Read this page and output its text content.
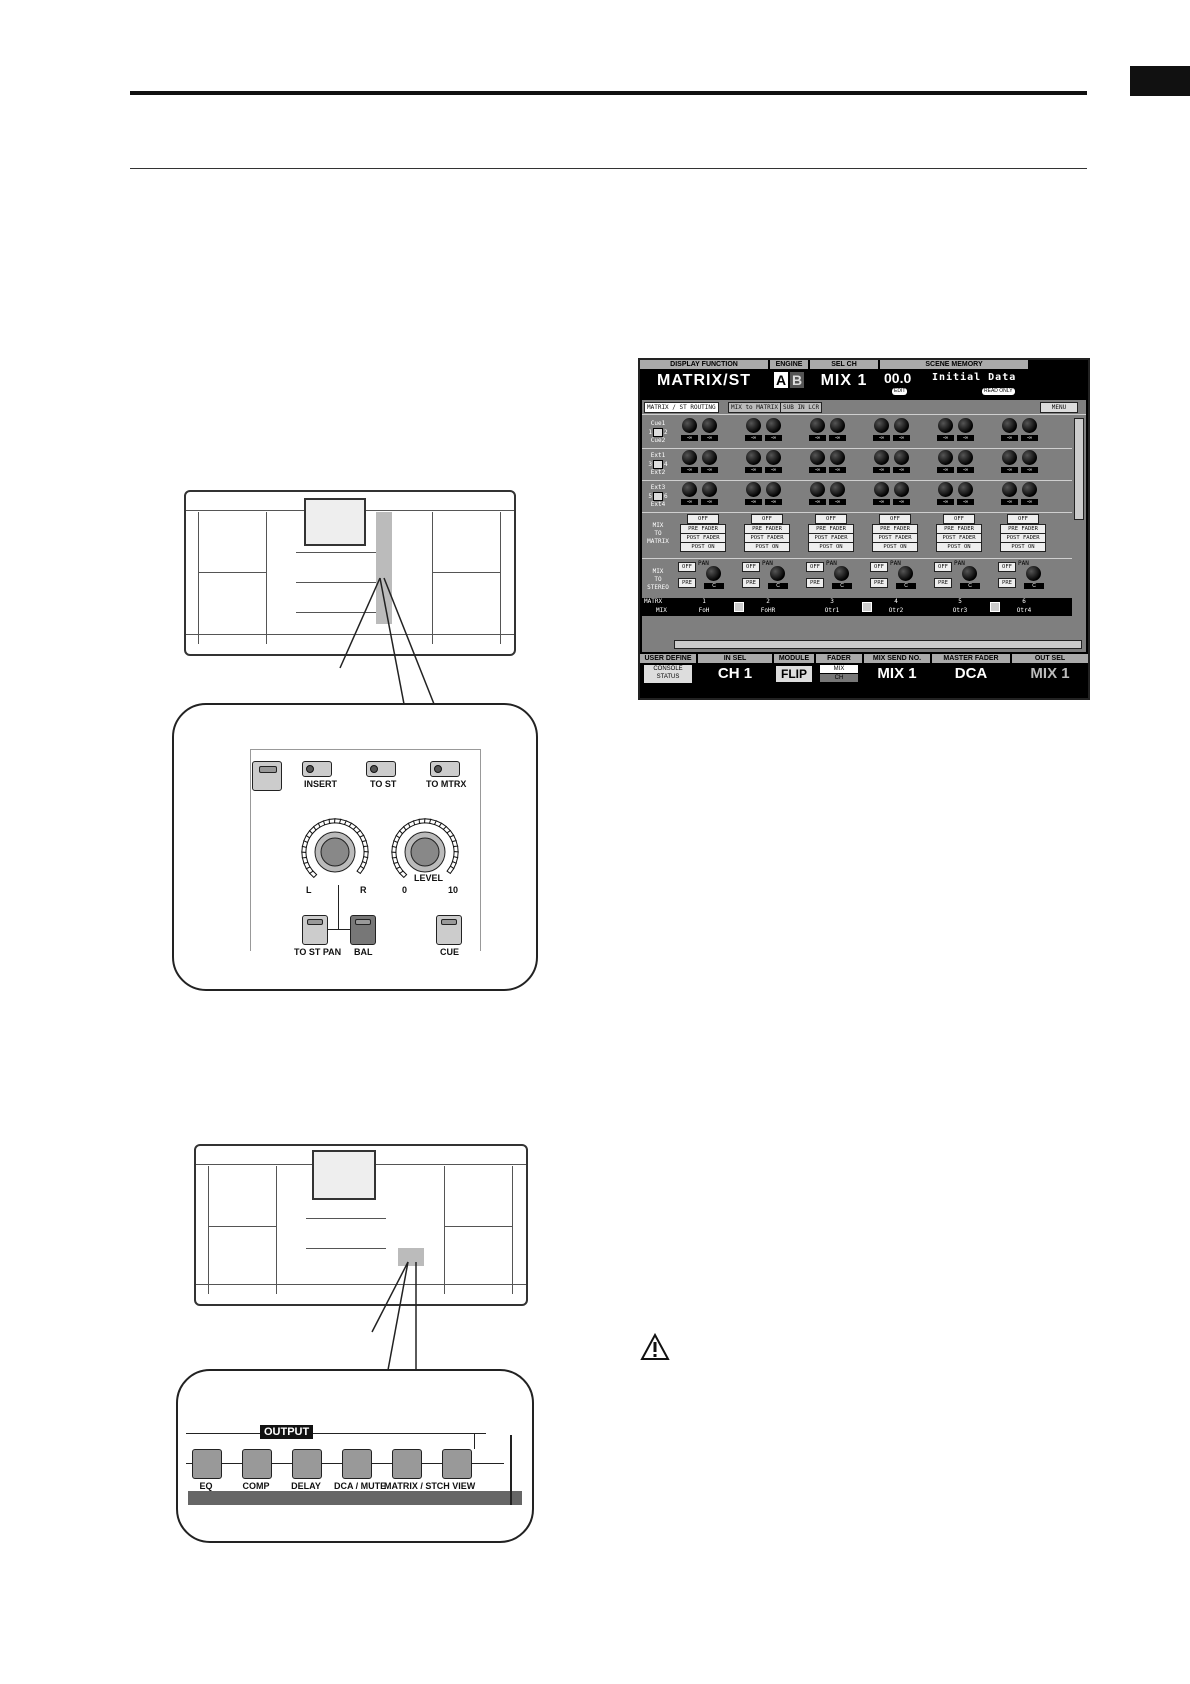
INSERT	TO ST	TO MTRX
L	R
LEVEL
0	10
TO ST PAN BAL	CUE
OUTPUT
EQ	COMP	DELAY	DCA / MUTE
MATRIX / ST CH VIEW
DISPLAY FUNCTION
MATRIX/ST
ENGINE
A B
SEL CH
MIX 1
SCENE MEMORY
00.0 Initial Data
EDIT	READ ONLY
MATRIX / ST ROUTING	MIX to MATRIX SUB IN LCR	MENU
Cue1
1 2
Cue2	-∞	-∞	-∞	-∞	-∞	-∞	-∞	-∞	-∞	-∞	-∞	-∞
Ext1
3 4
Ext2	-∞	-∞	-∞	-∞	-∞	-∞	-∞	-∞	-∞	-∞	-∞	-∞
Ext3
5 6
Ext4	-∞	-∞	-∞	-∞	-∞	-∞	-∞	-∞	-∞	-∞	-∞	-∞
MIX
TO
MATRIX
OFF
PRE FADER
POST FADER
POST ON
OFF
PRE FADER
POST FADER
POST ON
OFF
PRE FADER
POST FADER
POST ON
OFF
PRE FADER
POST FADER
POST ON
OFF
PRE FADER
POST FADER
POST ON
OFF
PRE FADER
POST FADER
POST ON
MIX
TO
STEREO
OFF
PRE
PAN
C
OFF
PRE
PAN
C
OFF
PRE
PAN
C
OFF
PRE
PAN
C
OFF
PRE
PAN
C
OFF
PRE
PAN
C
MATRX
MIX
1
FoH
2
FoHR
3
Otr1
4
Otr2
5
Otr3
6
Otr4
USER DEFINE
CONSOLE STATUS
IN SEL
CH 1
MODULE
FLIP
FADER
MIX
CH
MIX SEND NO.
MIX 1
MASTER FADER
DCA
OUT SEL
MIX 1
